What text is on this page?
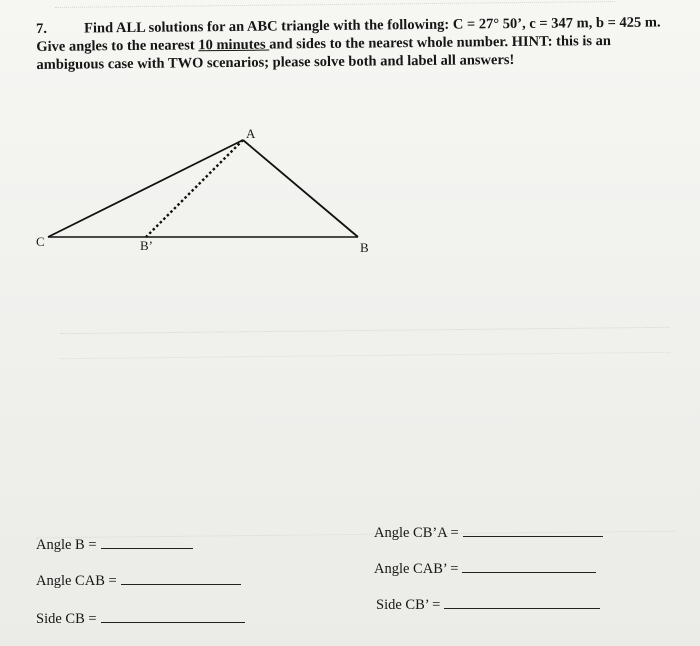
7.	Find ALL solutions for an ABC triangle with the following: C = 27° 50’, c = 347 m, b = 425 m. Give angles to the nearest 10 minutes and sides to the nearest whole number. HINT: this is an ambiguous case with TWO scenarios; please solve both and label all answers!
A
C	B’	B
Angle B =
Angle CAB =
Side CB =
Angle CB’A =
Angle CAB’ =
Side CB’ =
